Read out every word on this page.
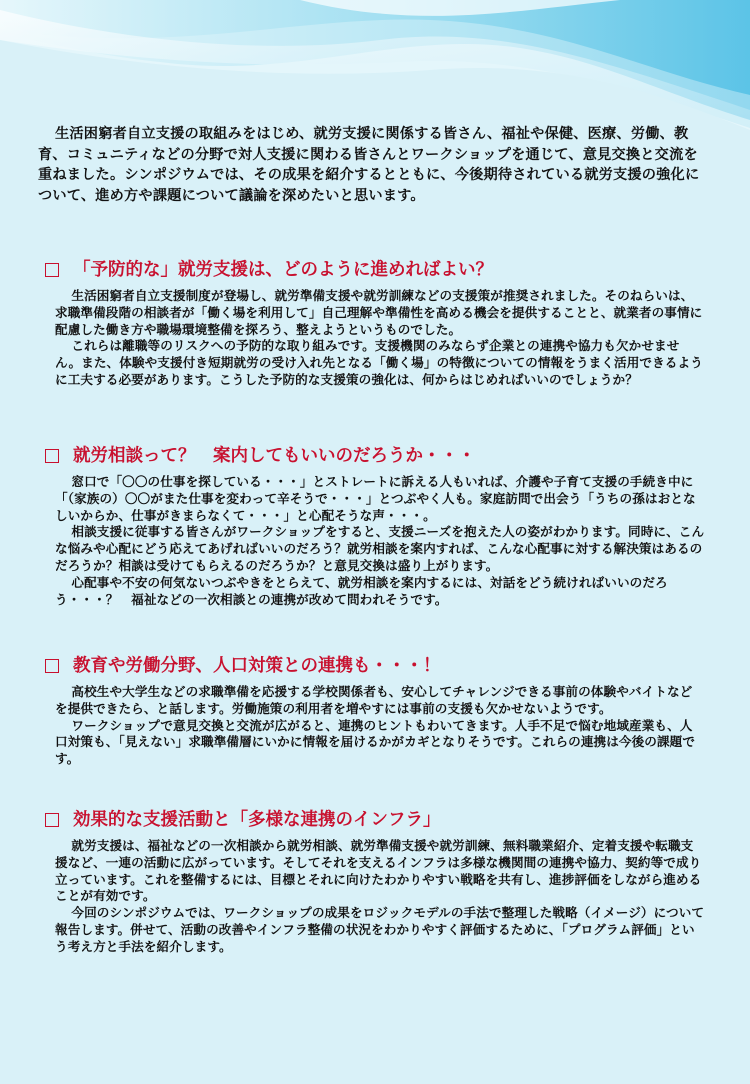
生活困窮者自立支援の取組みをはじめ、就労支援に関係する皆さん、福祉や保健、医療、労働、教育、コミュニティなどの分野で対人支援に関わる皆さんとワークショップを通じて、意見交換と交流を重ねました。シンポジウムでは、その成果を紹介するとともに、今後期待されている就労支援の強化について、進め方や課題について議論を深めたいと思います。
「予防的な」就労支援は、どのように進めればよい？

生活困窮者自立支援制度が登場し、就労準備支援や就労訓練などの支援策が推奨されました。そのねらいは、求職準備段階の相談者が「働く場を利用して」自己理解や準備性を高める機会を提供することと、就業者の事情に配慮した働き方や職場環境整備を探ろう、整えようというものでした。

これらは離職等のリスクへの予防的な取り組みです。支援機関のみならず企業との連携や協力も欠かせません。また、体験や支援付き短期就労の受け入れ先となる「働く場」の特徴についての情報をうまく活用できるように工夫する必要があります。こうした予防的な支援策の強化は、何からはじめればいいのでしょうか？

就労相談って？　案内してもいいのだろうか・・・

窓口で「〇〇の仕事を探している・・・」とストレートに訴える人もいれば、介護や子育て支援の手続き中に「（家族の）〇〇がまた仕事を変わって辛そうで・・・」とつぶやく人も。家庭訪問で出会う「うちの孫はおとなしいからか、仕事がきまらなくて・・・」と心配そうな声・・・。

相談支援に従事する皆さんがワークショップをすると、支援ニーズを抱えた人の姿がわかります。同時に、こんな悩みや心配にどう応えてあげればいいのだろう？就労相談を案内すれば、こんな心配事に対する解決策はあるのだろうか？相談は受けてもらえるのだろうか？と意見交換は盛り上がります。

心配事や不安の何気ないつぶやきをとらえて、就労相談を案内するには、対話をどう続ければいいのだろう・・・？　福祉などの一次相談との連携が改めて問われそうです。

教育や労働分野、人口対策との連携も・・・！

高校生や大学生などの求職準備を応援する学校関係者も、安心してチャレンジできる事前の体験やバイトなどを提供できたら、と話します。労働施策の利用者を増やすには事前の支援も欠かせないようです。

ワークショップで意見交換と交流が広がると、連携のヒントもわいてきます。人手不足で悩む地域産業も、人口対策も、「見えない」求職準備層にいかに情報を届けるかがカギとなりそうです。これらの連携は今後の課題です。

効果的な支援活動と「多様な連携のインフラ」

就労支援は、福祉などの一次相談から就労相談、就労準備支援や就労訓練、無料職業紹介、定着支援や転職支援など、一連の活動に広がっています。そしてそれを支えるインフラは多様な機関間の連携や協力、契約等で成り立っています。これを整備するには、目標とそれに向けたわかりやすい戦略を共有し、進捗評価をしながら進めることが有効です。

今回のシンポジウムでは、ワークショップの成果をロジックモデルの手法で整理した戦略（イメージ）について報告します。併せて、活動の改善やインフラ整備の状況をわかりやすく評価するために、「プログラム評価」という考え方と手法を紹介します。
